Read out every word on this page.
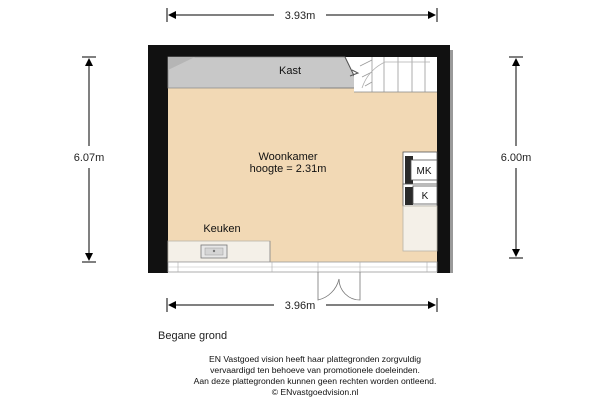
3.93m
3.96m
6.07m	6.00m
Kast
Woonkamer
hoogte = 2.31m
Keuken
MK
K
Begane grond
EN Vastgoed vision heeft haar plattegronden zorgvuldig
vervaardigd ten behoeve van promotionele doeleinden.
Aan deze plattegronden kunnen geen rechten worden ontleend.
© ENvastgoedvision.nl
